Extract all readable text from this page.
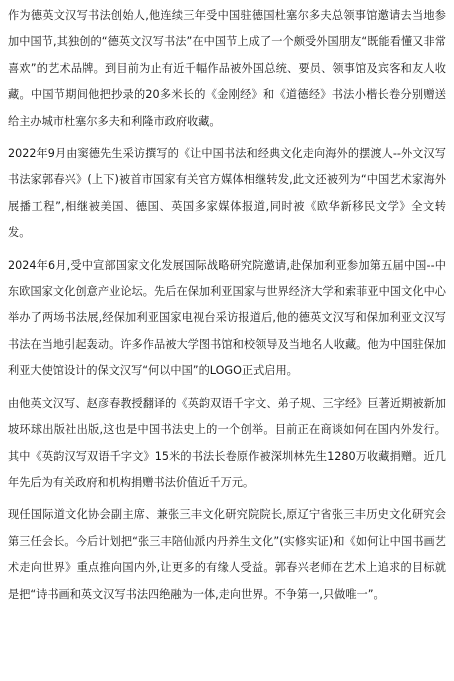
作为德英文汉写书法创始人,他连续三年受中国驻德国杜塞尔多夫总领事馆邀请去当地参加中国节,其独创的“德英文汉写书法”在中国节上成了一个颇受外国朋友“既能看懂又非常喜欢”的艺术品牌。到目前为止有近千幅作品被外国总统、要员、领事馆及宾客和友人收藏。中国节期间他把抄录的20多米长的《金刚经》和《道德经》书法小楷长卷分别赠送给主办城市杜塞尔多夫和利隆市政府收藏。

2022年9月由窦德先生采访撰写的《让中国书法和经典文化走向海外的摆渡人--外文汉写书法家郭春兴》(上下)被首市国家有关官方媒体相继转发,此文还被列为“中国艺术家海外展播工程”,相继被美国、德国、英国多家媒体报道,同时被《欧华新移民文学》全文转发。

2024年6月,受中宣部国家文化发展国际战略研究院邀请,赴保加利亚参加第五届中国--中东欧国家文化创意产业论坛。先后在保加利亚国家与世界经济大学和索菲亚中国文化中心举办了两场书法展,经保加利亚国家电视台采访报道后,他的德英文汉写和保加利亚文汉写书法在当地引起轰动。许多作品被大学图书馆和校领导及当地名人收藏。他为中国驻保加利亚大使馆设计的保文汉写“何以中国”的LOGO正式启用。

由他英文汉写、赵彦春教授翻译的《英韵双语千字文、弟子规、三字经》巨著近期被新加坡环球出版社出版,这也是中国书法史上的一个创举。目前正在商谈如何在国内外发行。其中《英韵汉写双语千字文》15米的书法长卷原作被深圳林先生1280万收藏捐赠。近几年先后为有关政府和机构捐赠书法价值近千万元。

现任国际道文化协会副主席、兼张三丰文化研究院院长,原辽宁省张三丰历史文化研究会第三任会长。今后计划把“张三丰陪仙派内丹养生文化”(实修实证)和《如何让中国书画艺术走向世界》重点推向国内外,让更多的有缘人受益。郭春兴老师在艺术上追求的目标就是把“诗书画和英文汉写书法四绝融为一体,走向世界。不争第一,只做唯一”。
